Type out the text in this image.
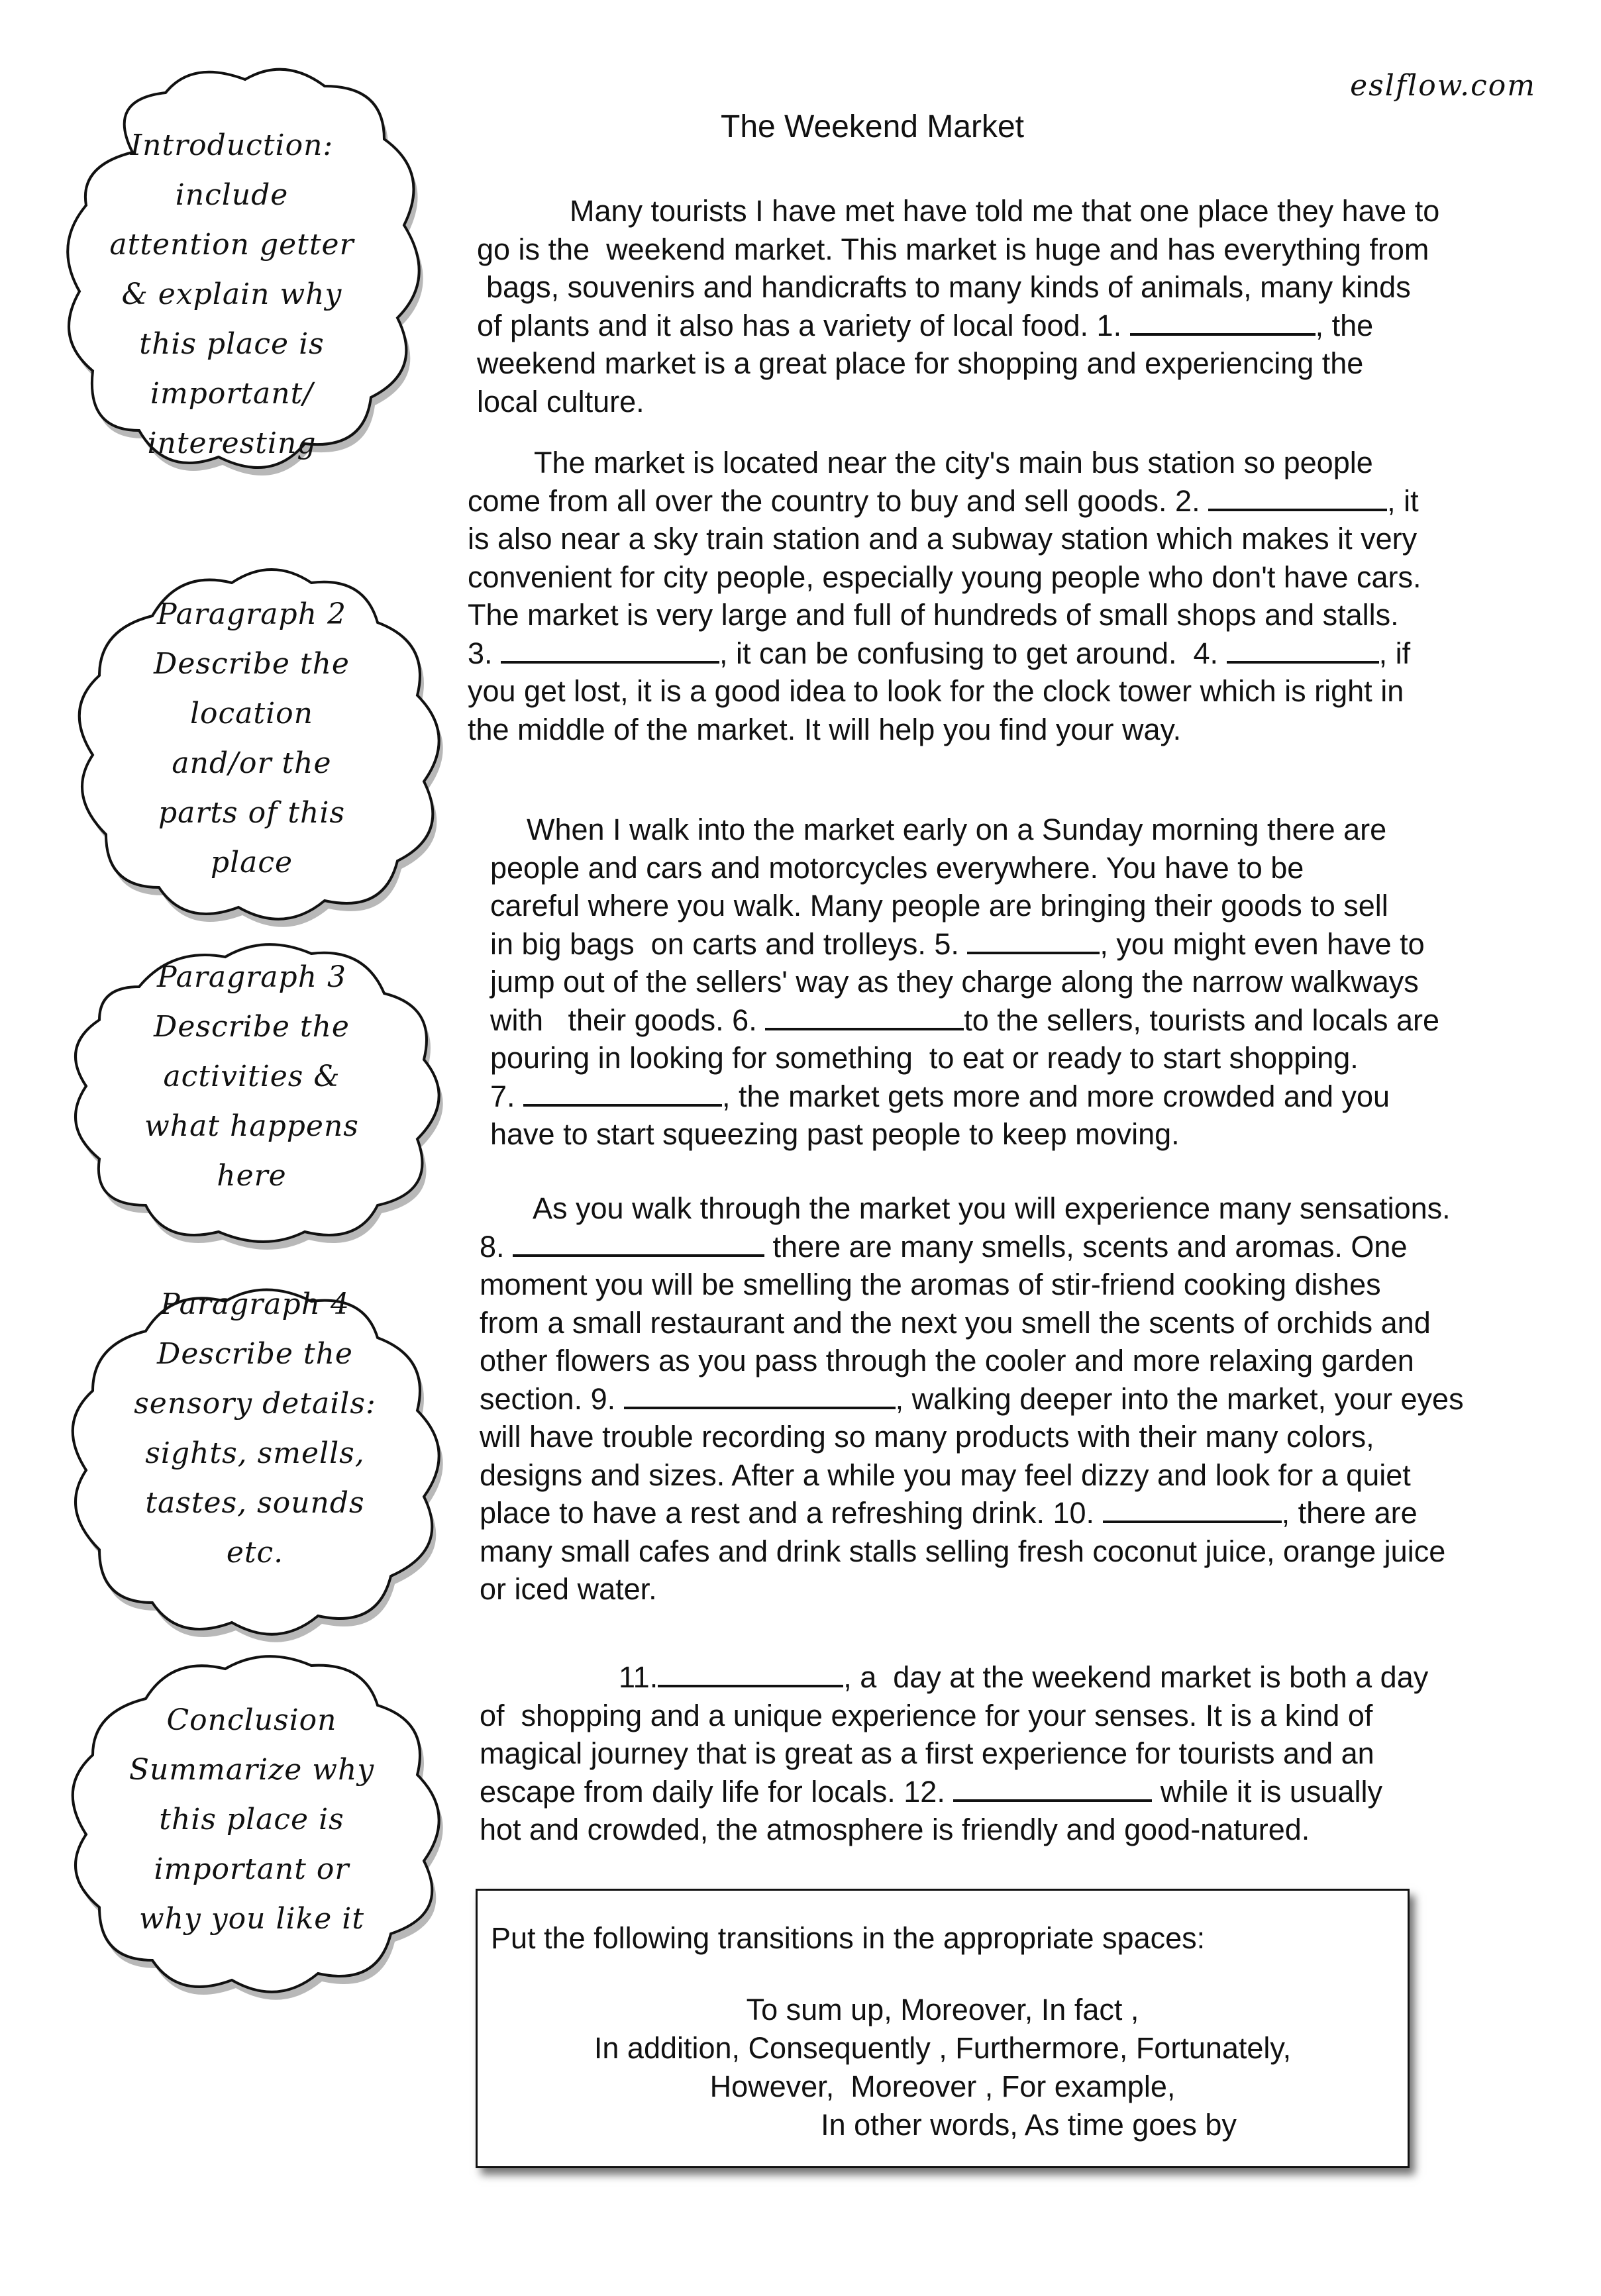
Introduction:
include
attention getter
& explain why
this place is
important/
interesting
Paragraph 2
Describe the
location
and/or the
parts of this
place
Paragraph 3
Describe the
activities &
what happens
here
Paragraph 4
Describe the
sensory details:
sights, smells,
tastes, sounds
etc.
Conclusion
Summarize why
this place is
important or
why you like it
eslflow.com
The Weekend Market
Many tourists I have met have told me that one place they have to
go is the  weekend market. This market is huge and has everything from
bags, souvenirs and handicrafts to many kinds of animals, many kinds
of plants and it also has a variety of local food. 1.	, the
weekend market is a great place for shopping and experiencing the
local culture.
The market is located near the city's main bus station so people
come from all over the country to buy and sell goods. 2.	, it
is also near a sky train station and a subway station which makes it very
convenient for city people, especially young people who don't have cars.
The market is very large and full of hundreds of small shops and stalls.
3.	, it can be confusing to get around.  4.	, if
you get lost, it is a good idea to look for the clock tower which is right in
the middle of the market. It will help you find your way.
When I walk into the market early on a Sunday morning there are
people and cars and motorcycles everywhere. You have to be
careful where you walk. Many people are bringing their goods to sell
in big bags  on carts and trolleys. 5.	, you might even have to
jump out of the sellers' way as they charge along the narrow walkways
with   their goods. 6.	to the sellers, tourists and locals are
pouring in looking for something  to eat or ready to start shopping.
7.	, the market gets more and more crowded and you
have to start squeezing past people to keep moving.
As you walk through the market you will experience many sensations.
8.	there are many smells, scents and aromas. One
moment you will be smelling the aromas of stir-friend cooking dishes
from a small restaurant and the next you smell the scents of orchids and
other flowers as you pass through the cooler and more relaxing garden
section. 9.	, walking deeper into the market, your eyes
will have trouble recording so many products with their many colors,
designs and sizes. After a while you may feel dizzy and look for a quiet
place to have a rest and a refreshing drink. 10.	, there are
many small cafes and drink stalls selling fresh coconut juice, orange juice
or iced water.
11.	, a  day at the weekend market is both a day
of  shopping and a unique experience for your senses. It is a kind of
magical journey that is great as a first experience for tourists and an
escape from daily life for locals. 12.	while it is usually
hot and crowded, the atmosphere is friendly and good-natured.
Put the following transitions in the appropriate spaces:
To sum up, Moreover, In fact ,
In addition, Consequently , Furthermore, Fortunately,
However,  Moreover , For example,
In other words, As time goes by
